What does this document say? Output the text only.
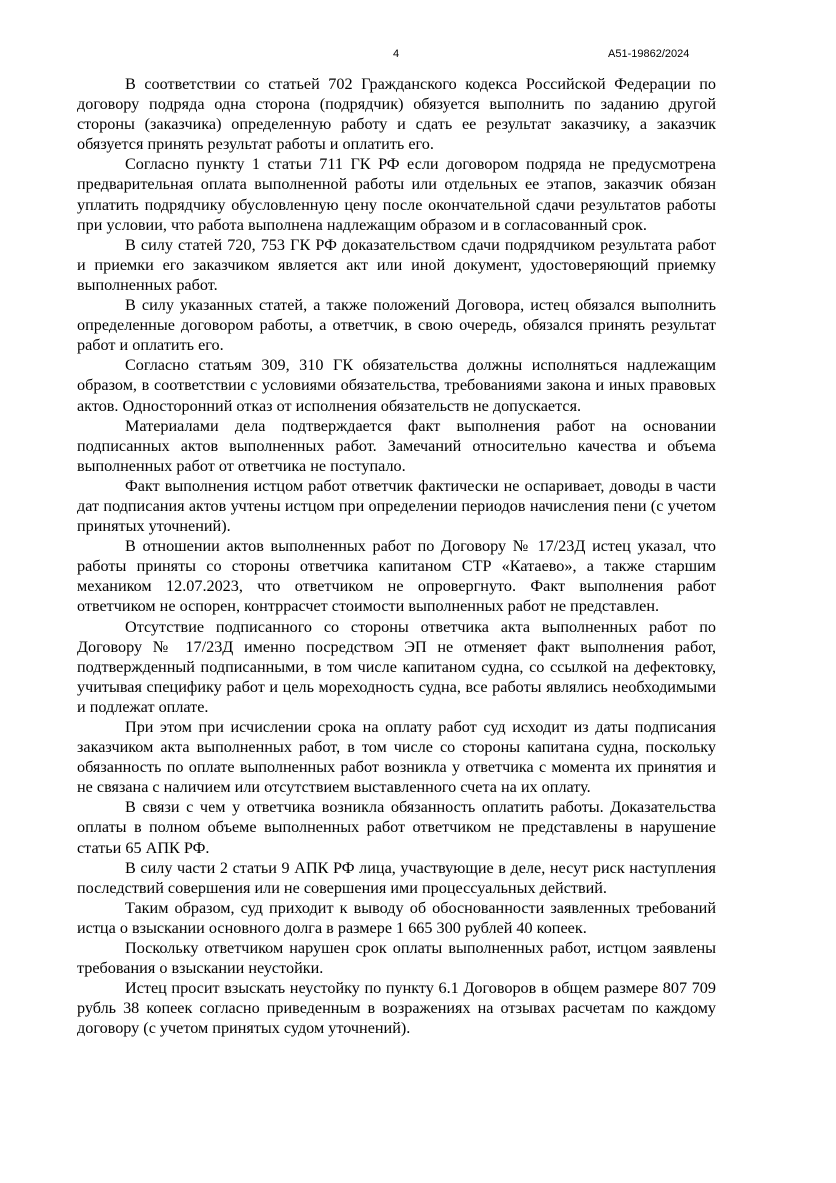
4	А51-19862/2024

В соответствии со статьей 702 Гражданского кодекса Российской Федерации по договору подряда одна сторона (подрядчик) обязуется выполнить по заданию другой стороны (заказчика) определенную работу и сдать ее результат заказчику, а заказчик обязуется принять результат работы и оплатить его.

Согласно пункту 1 статьи 711 ГК РФ если договором подряда не предусмотрена предварительная оплата выполненной работы или отдельных ее этапов, заказчик обязан уплатить подрядчику обусловленную цену после окончательной сдачи результатов работы при условии, что работа выполнена надлежащим образом и в согласованный срок.

В силу статей 720, 753 ГК РФ доказательством сдачи подрядчиком результата работ и приемки его заказчиком является акт или иной документ, удостоверяющий приемку выполненных работ.

В силу указанных статей, а также положений Договора, истец обязался выполнить определенные договором работы, а ответчик, в свою очередь, обязался принять результат работ и оплатить его.

Согласно статьям 309, 310 ГК обязательства должны исполняться надлежащим образом, в соответствии с условиями обязательства, требованиями закона и иных правовых актов. Односторонний отказ от исполнения обязательств не допускается.

Материалами дела подтверждается факт выполнения работ на основании подписанных актов выполненных работ. Замечаний относительно качества и объема выполненных работ от ответчика не поступало.

Факт выполнения истцом работ ответчик фактически не оспаривает, доводы в части дат подписания актов учтены истцом при определении периодов начисления пени (с учетом принятых уточнений).

В отношении актов выполненных работ по Договору № 17/23Д истец указал, что работы приняты со стороны ответчика капитаном СТР «Катаево», а также старшим механиком 12.07.2023, что ответчиком не опровергнуто. Факт выполнения работ ответчиком не оспорен, контррасчет стоимости выполненных работ не представлен.

Отсутствие подписанного со стороны ответчика акта выполненных работ по Договору № 17/23Д именно посредством ЭП не отменяет факт выполнения работ, подтвержденный подписанными, в том числе капитаном судна, со ссылкой на дефектовку, учитывая специфику работ и цель мореходность судна, все работы являлись необходимыми и подлежат оплате.

При этом при исчислении срока на оплату работ суд исходит из даты подписания заказчиком акта выполненных работ, в том числе со стороны капитана судна, поскольку обязанность по оплате выполненных работ возникла у ответчика с момента их принятия и не связана с наличием или отсутствием выставленного счета на их оплату.

В связи с чем у ответчика возникла обязанность оплатить работы. Доказательства оплаты в полном объеме выполненных работ ответчиком не представлены в нарушение статьи 65 АПК РФ.

В силу части 2 статьи 9 АПК РФ лица, участвующие в деле, несут риск наступления последствий совершения или не совершения ими процессуальных действий.

Таким образом, суд приходит к выводу об обоснованности заявленных требований истца о взыскании основного долга в размере 1 665 300 рублей 40 копеек.

Поскольку ответчиком нарушен срок оплаты выполненных работ, истцом заявлены требования о взыскании неустойки.

Истец просит взыскать неустойку по пункту 6.1 Договоров в общем размере 807 709 рубль 38 копеек согласно приведенным в возражениях на отзывах расчетам по каждому договору (с учетом принятых судом уточнений).
